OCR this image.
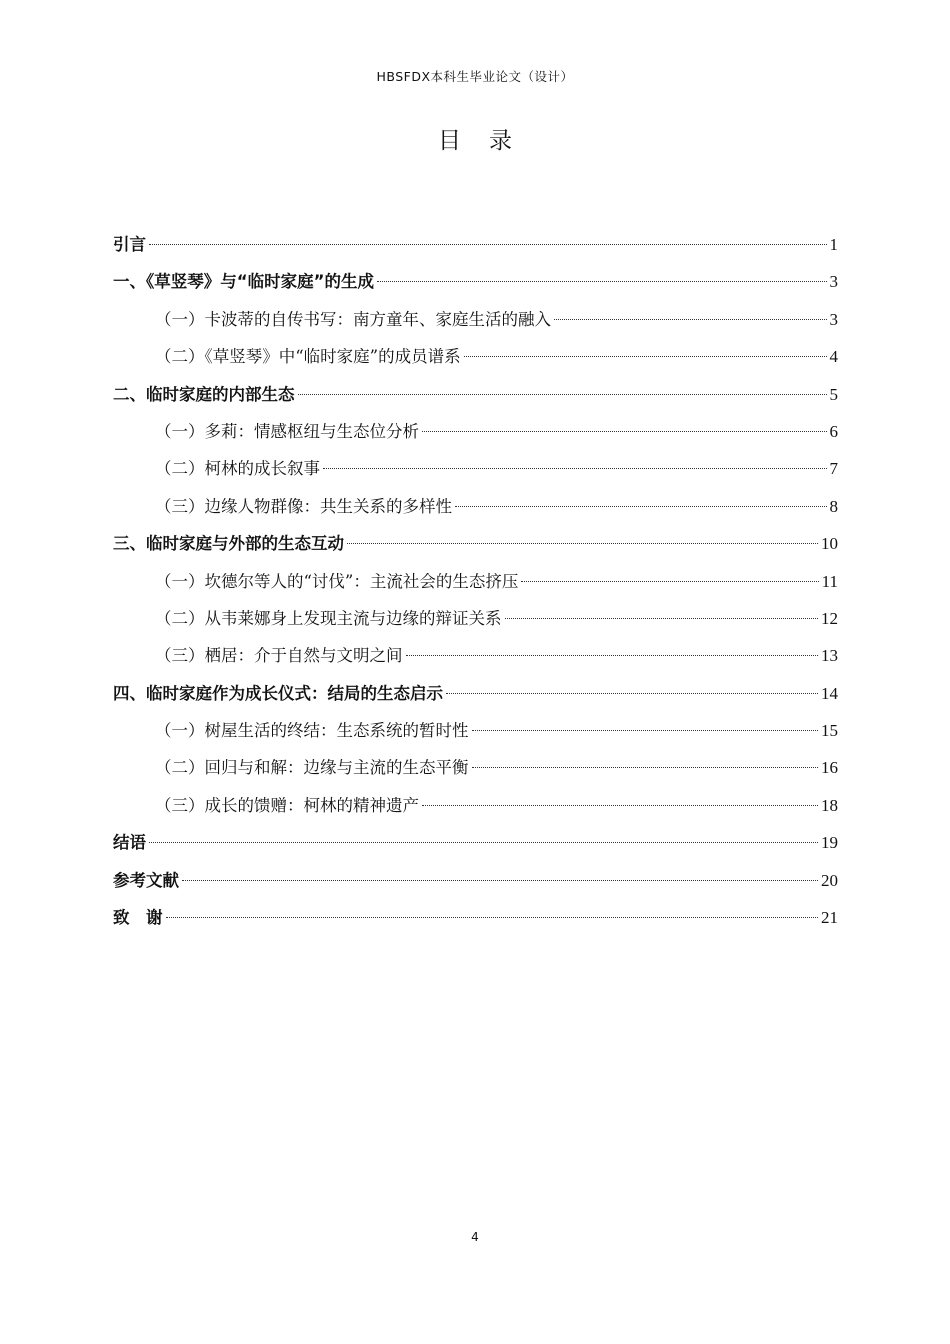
HBSFDX本科生毕业论文（设计）
目录
引言	1
一、《草竖琴》与“临时家庭”的生成	3
（一）卡波蒂的自传书写：南方童年、家庭生活的融入	3
（二）《草竖琴》中“临时家庭”的成员谱系	4
二、临时家庭的内部生态	5
（一）多莉：情感枢纽与生态位分析	6
（二）柯林的成长叙事	7
（三）边缘人物群像：共生关系的多样性	8
三、临时家庭与外部的生态互动	10
（一）坎德尔等人的“讨伐”：主流社会的生态挤压	11
（二）从韦莱娜身上发现主流与边缘的辩证关系	12
（三）栖居：介于自然与文明之间	13
四、临时家庭作为成长仪式：结局的生态启示	14
（一）树屋生活的终结：生态系统的暂时性	15
（二）回归与和解：边缘与主流的生态平衡	16
（三）成长的馈赠：柯林的精神遗产	18
结语	19
参考文献	20
致　谢	21
4
